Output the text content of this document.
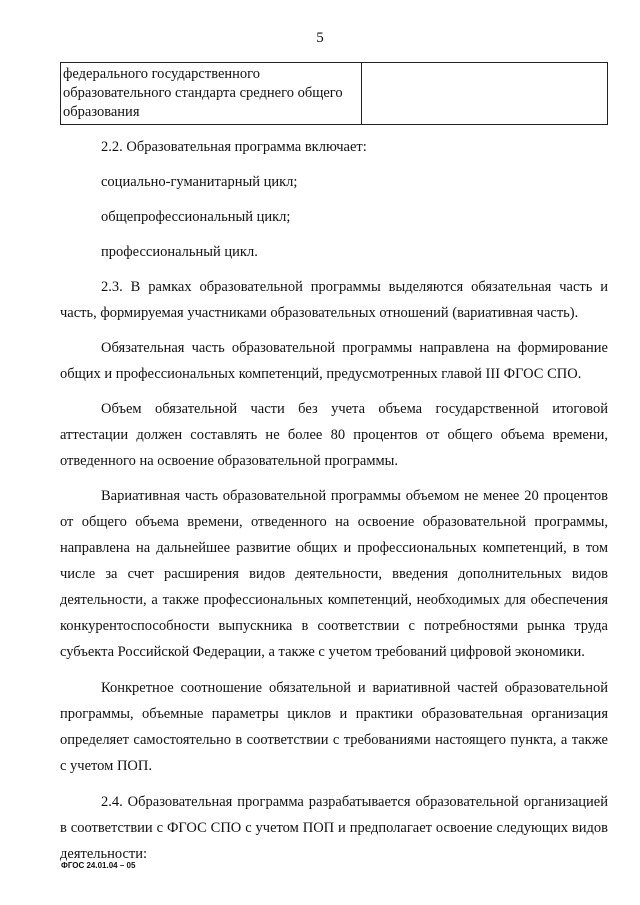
5
федерального государственного
образовательного стандарта среднего общего
образования

2.2. Образовательная программа включает:

социально-гуманитарный цикл;

общепрофессиональный цикл;

профессиональный цикл.

2.3. В рамках образовательной программы выделяются обязательная часть и часть, формируемая участниками образовательных отношений (вариативная часть).

Обязательная часть образовательной программы направлена на формирование общих и профессиональных компетенций, предусмотренных главой III ФГОС СПО.

Объем обязательной части без учета объема государственной итоговой аттестации должен составлять не более 80 процентов от общего объема времени, отведенного на освоение образовательной программы.

Вариативная часть образовательной программы объемом не менее 20 процентов от общего объема времени, отведенного на освоение образовательной программы, направлена на дальнейшее развитие общих и профессиональных компетенций, в том числе за счет расширения видов деятельности, введения дополнительных видов деятельности, а также профессиональных компетенций, необходимых для обеспечения конкурентоспособности выпускника в соответствии с потребностями рынка труда субъекта Российской Федерации, а также с учетом требований цифровой экономики.

Конкретное соотношение обязательной и вариативной частей образовательной программы, объемные параметры циклов и практики образовательная организация определяет самостоятельно в соответствии с требованиями настоящего пункта, а также с учетом ПОП.

2.4. Образовательная программа разрабатывается образовательной организацией в соответствии с ФГОС СПО с учетом ПОП и предполагает освоение следующих видов деятельности:

ФГОС 24.01.04 – 05
